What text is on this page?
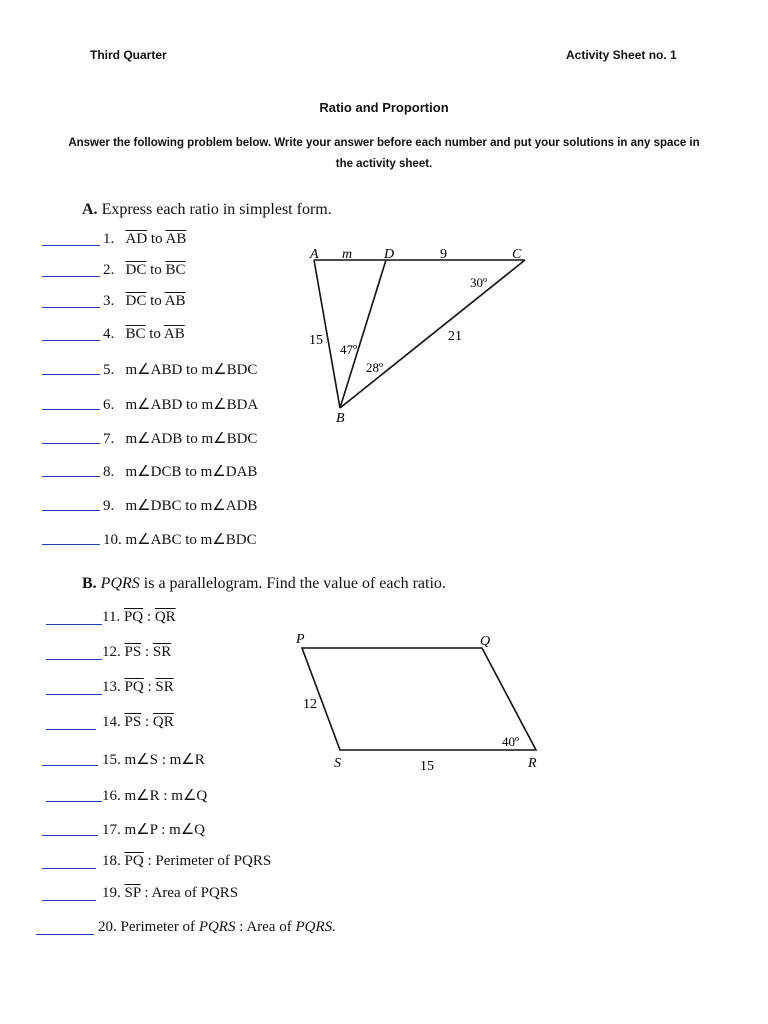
Third Quarter	Activity Sheet no. 1
Ratio and Proportion
Answer the following problem below. Write your answer before each number and put your solutions in any space in the activity sheet.
A. Express each ratio in simplest form.
1. $\overline{AD}$ to $\overline{AB}$
2. $\overline{DC}$ to $\overline{BC}$
3. $\overline{DC}$ to $\overline{AB}$
4. $\overline{BC}$ to $\overline{AB}$
5. m∠ABD to m∠BDC
6. m∠ABD to m∠BDA
7. m∠ADB to m∠BDC
8. m∠DCB to m∠DAB
9. m∠DBC to m∠ADB
10. m∠ABC to m∠BDC
A m D	9	C
30º
15
47º
21
28º
B
B. PQRS is a parallelogram. Find the value of each ratio.
11. $\overline{PQ}$ : $\overline{QR}$
12. $\overline{PS}$ : $\overline{SR}$
13. $\overline{PQ}$ : $\overline{SR}$
14. $\overline{PS}$ : $\overline{QR}$
15. m∠S : m∠R
16. m∠R : m∠Q
17. m∠P : m∠Q
18. $\overline{PQ}$ : Perimeter of PQRS
19. $\overline{SP}$ : Area of PQRS
20. Perimeter of PQRS : Area of PQRS.
P	Q
R
S
12
15
40º
